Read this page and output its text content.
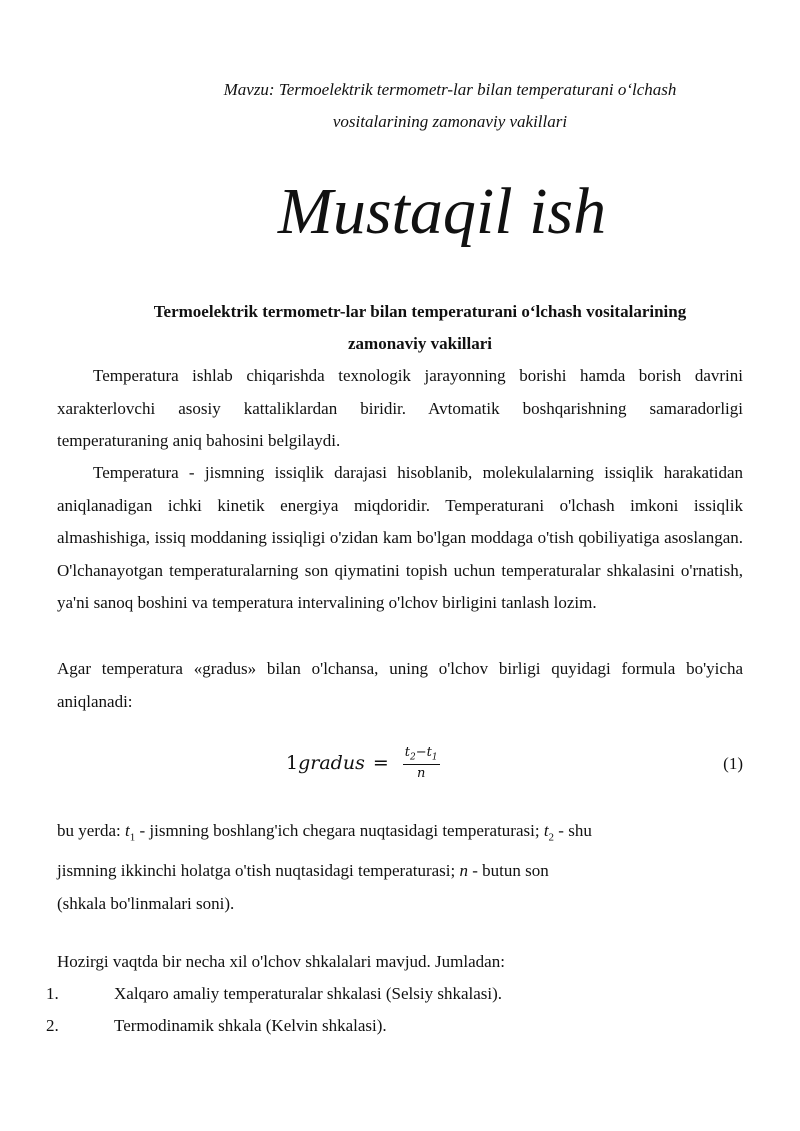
Mavzu: Termoelektrik termometr-lar bilan temperaturani o‘lchash
vositalarining zamonaviy vakillari
Mustaqil ish
Termoelektrik termometr-lar bilan temperaturani o‘lchash vositalarining
zamonaviy vakillari
Temperatura ishlab chiqarishda texnologik jarayonning borishi hamda borish davrini xarakterlovchi asosiy kattaliklardan biridir. Avtomatik boshqarishning samaradorligi temperaturaning aniq bahosini belgilaydi.
Temperatura - jismning issiqlik darajasi hisoblanib, molekulalarning issiqlik harakatidan aniqlanadigan ichki kinetik energiya miqdoridir. Temperaturani o'lchash imkoni issiqlik almashishiga, issiq moddaning issiqligi o'zidan kam bo'lgan moddaga o'tish qobiliyatiga asoslangan. O'lchanayotgan temperaturalarning son qiymatini topish uchun temperaturalar shkalasini o'rnatish, ya'ni sanoq boshini va temperatura intervalining o'lchov birligini tanlash lozim.
Agar temperatura «gradus» bilan o'lchansa, uning o'lchov birligi quyidagi formula bo'yicha aniqlanadi:
1 gradus = $\frac{t_2-t_1}{n}$	(1)
bu yerda: $t_1$ - jismning boshlang'ich chegara nuqtasidagi temperaturasi; $t_2$ - shu
jismning ikkinchi holatga o'tish nuqtasidagi temperaturasi; n - butun son
(shkala bo'linmalari soni).
Hozirgi vaqtda bir necha xil o'lchov shkalalari mavjud. Jumladan:
1.	Xalqaro amaliy temperaturalar shkalasi (Selsiy shkalasi).
2.	Termodinamik shkala (Kelvin shkalasi).
